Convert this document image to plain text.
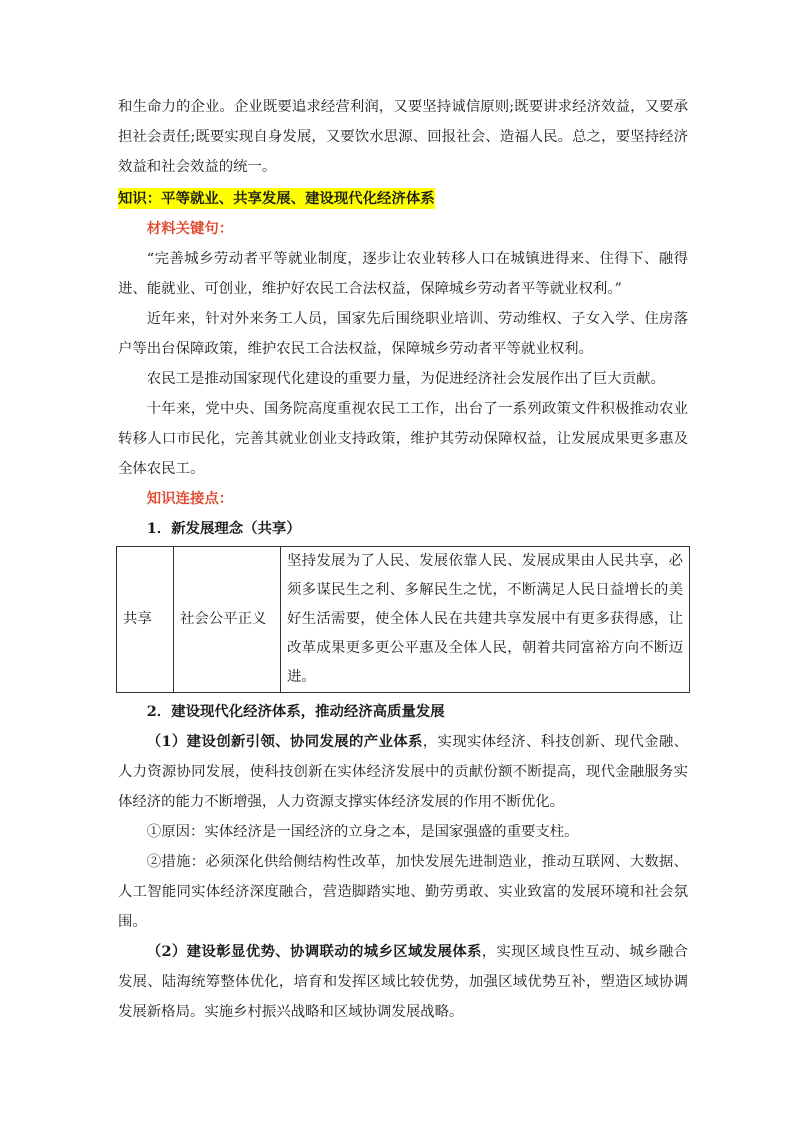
和生命力的企业。企业既要追求经营利润，又要坚持诚信原则;既要讲求经济效益，又要承担社会责任;既要实现自身发展，又要饮水思源、回报社会、造福人民。总之，要坚持经济效益和社会效益的统一。

知识：平等就业、共享发展、建设现代化经济体系

材料关键句：

“完善城乡劳动者平等就业制度，逐步让农业转移人口在城镇进得来、住得下、融得进、能就业、可创业，维护好农民工合法权益，保障城乡劳动者平等就业权利。”

近年来，针对外来务工人员，国家先后围绕职业培训、劳动维权、子女入学、住房落户等出台保障政策，维护农民工合法权益，保障城乡劳动者平等就业权利。

农民工是推动国家现代化建设的重要力量，为促进经济社会发展作出了巨大贡献。

十年来，党中央、国务院高度重视农民工工作，出台了一系列政策文件积极推动农业转移人口市民化，完善其就业创业支持政策，维护其劳动保障权益，让发展成果更多惠及全体农民工。

知识连接点：

1．新发展理念（共享）

共享	社会公平正义	坚持发展为了人民、发展依靠人民、发展成果由人民共享，必须多谋民生之利、多解民生之忧，不断满足人民日益增长的美好生活需要，使全体人民在共建共享发展中有更多获得感，让改革成果更多更公平惠及全体人民，朝着共同富裕方向不断迈进。

2．建设现代化经济体系，推动经济高质量发展

（1）建设创新引领、协同发展的产业体系，实现实体经济、科技创新、现代金融、人力资源协同发展，使科技创新在实体经济发展中的贡献份额不断提高，现代金融服务实体经济的能力不断增强，人力资源支撑实体经济发展的作用不断优化。

①原因：实体经济是一国经济的立身之本，是国家强盛的重要支柱。

②措施：必须深化供给侧结构性改革，加快发展先进制造业，推动互联网、大数据、人工智能同实体经济深度融合，营造脚踏实地、勤劳勇敢、实业致富的发展环境和社会氛围。

（2）建设彰显优势、协调联动的城乡区域发展体系，实现区域良性互动、城乡融合发展、陆海统筹整体优化，培育和发挥区域比较优势，加强区域优势互补，塑造区域协调发展新格局。实施乡村振兴战略和区域协调发展战略。
